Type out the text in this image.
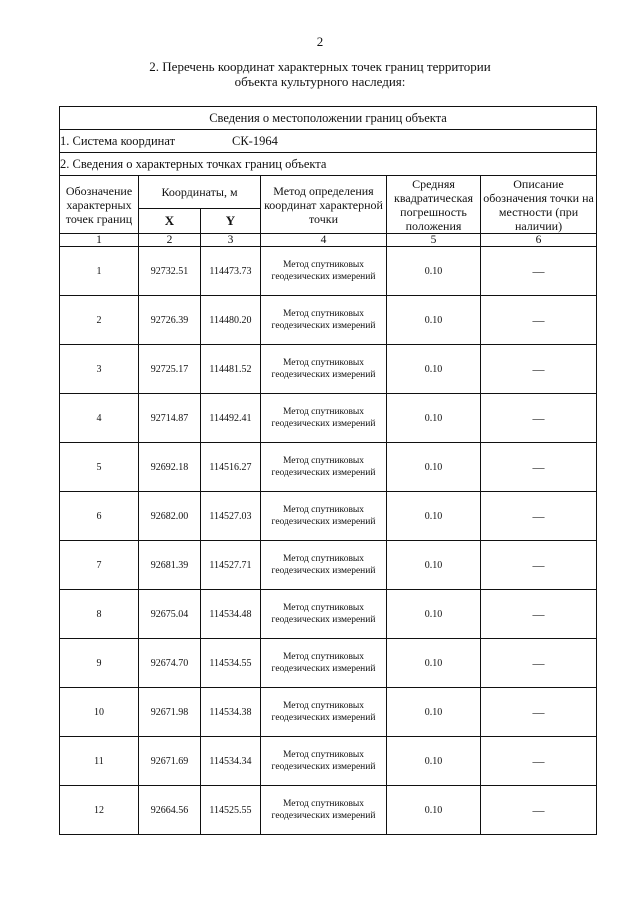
2
2. Перечень координат характерных точек границ территории
объекта культурного наследия:
Сведения о местоположении границ объекта					
1. Система координат СК-1964					
2. Сведения о характерных точках границ объекта					
Обозначение характерных точек границ	Координаты, м		Метод определения координат характерной точки	Средняя квадратическая погрешность положения	Описание обозначения точки на местности (при наличии)
	X	Y			
1	2	3	4	5	6
1	92732.51	114473.73	Метод спутниковых геодезических измерений	0.10	—
2	92726.39	114480.20	Метод спутниковых геодезических измерений	0.10	—
3	92725.17	114481.52	Метод спутниковых геодезических измерений	0.10	—
4	92714.87	114492.41	Метод спутниковых геодезических измерений	0.10	—
5	92692.18	114516.27	Метод спутниковых геодезических измерений	0.10	—
6	92682.00	114527.03	Метод спутниковых геодезических измерений	0.10	—
7	92681.39	114527.71	Метод спутниковых геодезических измерений	0.10	—
8	92675.04	114534.48	Метод спутниковых геодезических измерений	0.10	—
9	92674.70	114534.55	Метод спутниковых геодезических измерений	0.10	—
10	92671.98	114534.38	Метод спутниковых геодезических измерений	0.10	—
11	92671.69	114534.34	Метод спутниковых геодезических измерений	0.10	—
12	92664.56	114525.55	Метод спутниковых геодезических измерений	0.10	—
